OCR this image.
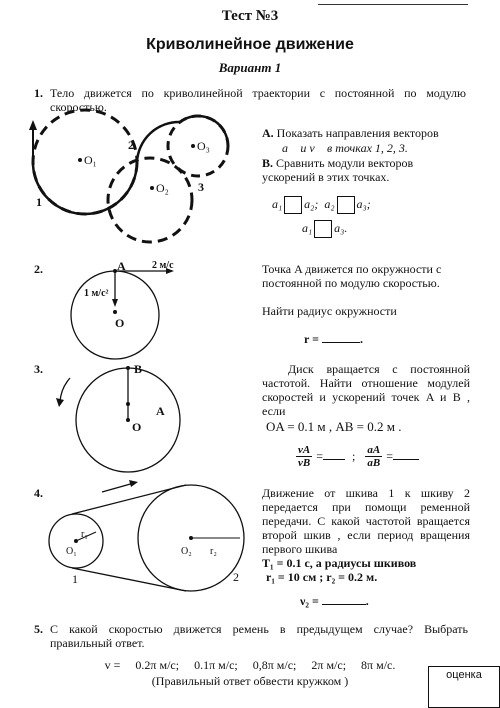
Тест №3
Криволинейное движение
Вариант 1
1. Тело движется по криволинейной траектории с постоянной по модулю скоростью.
O₁
O₂
O₃
1
2
3
A. Показать направления векторов
a⃗ и v⃗ в точках 1, 2, 3.
B. Сравнить модули векторов ускорений в этих точках.
a₁ a₂; a₂ a₃;
a₁ a₃.
2.	A	2 м/с
1 м/с²
O
Точка A движется по окружности с постоянной по модулю скоростью.
Найти радиус окружности
r =	.
3.	B
A
O
Диск вращается с постоянной частотой. Найти отношение модулей скоростей и ускорений точек A и B , если
OA = 0.1 м , AB = 0.2 м .
$\frac{vA}{vB}$ =  ; $\frac{aA}{aB}$ =
4.
r₁
O₁	O₂ r₂
1	2
Движение от шкива 1 к шкиву 2 передается при помощи ременной передачи. С какой частотой вращается второй шкив , если период вращения первого шкива
T₁ = 0.1 с, а радиусы шкивов
r₁ = 10 см ; r₂ = 0.2 м.
ν₂ =	.
5. С какой скоростью движется ремень в предыдущем случае? Выбрать правильный ответ.
v = 0.2π м/с; 0.1π м/с; 0,8π м/с; 2π м/с; 8π м/с.
(Правильный ответ обвести кружком )	оценка
